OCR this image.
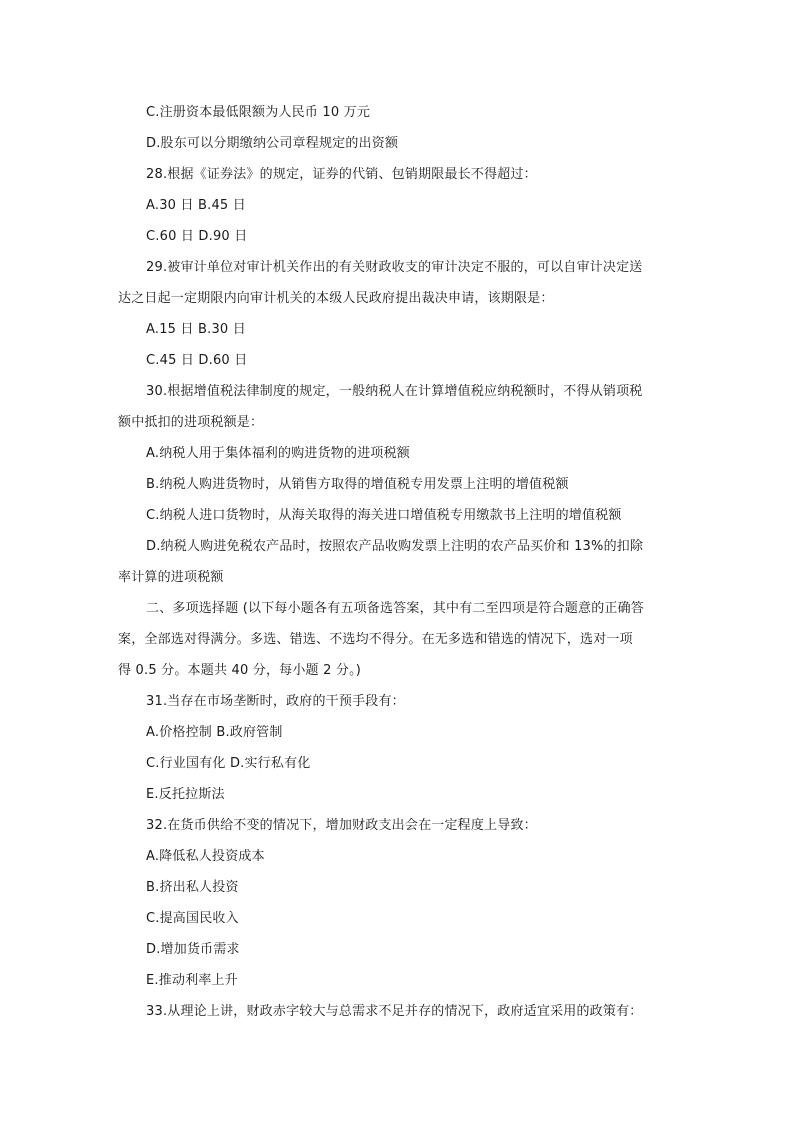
C.注册资本最低限额为人民币 10 万元
D.股东可以分期缴纳公司章程规定的出资额
28.根据《证券法》的规定，证券的代销、包销期限最长不得超过：
A.30 日 B.45 日
C.60 日 D.90 日
29.被审计单位对审计机关作出的有关财政收支的审计决定不服的，可以自审计决定送
达之日起一定期限内向审计机关的本级人民政府提出裁决申请，该期限是：
A.15 日 B.30 日
C.45 日 D.60 日
30.根据增值税法律制度的规定，一般纳税人在计算增值税应纳税额时，不得从销项税
额中抵扣的进项税额是：
A.纳税人用于集体福利的购进货物的进项税额
B.纳税人购进货物时，从销售方取得的增值税专用发票上注明的增值税额
C.纳税人进口货物时，从海关取得的海关进口增值税专用缴款书上注明的增值税额
D.纳税人购进免税农产品时，按照农产品收购发票上注明的农产品买价和 13%的扣除
率计算的进项税额
二、多项选择题 (以下每小题各有五项备选答案，其中有二至四项是符合题意的正确答
案，全部选对得满分。多选、错选、不选均不得分。在无多选和错选的情况下，选对一项
得 0.5 分。本题共 40 分，每小题 2 分。)
31.当存在市场垄断时，政府的干预手段有：
A.价格控制 B.政府管制
C.行业国有化 D.实行私有化
E.反托拉斯法
32.在货币供给不变的情况下，增加财政支出会在一定程度上导致：
A.降低私人投资成本
B.挤出私人投资
C.提高国民收入
D.增加货币需求
E.推动利率上升
33.从理论上讲，财政赤字较大与总需求不足并存的情况下，政府适宜采用的政策有：
